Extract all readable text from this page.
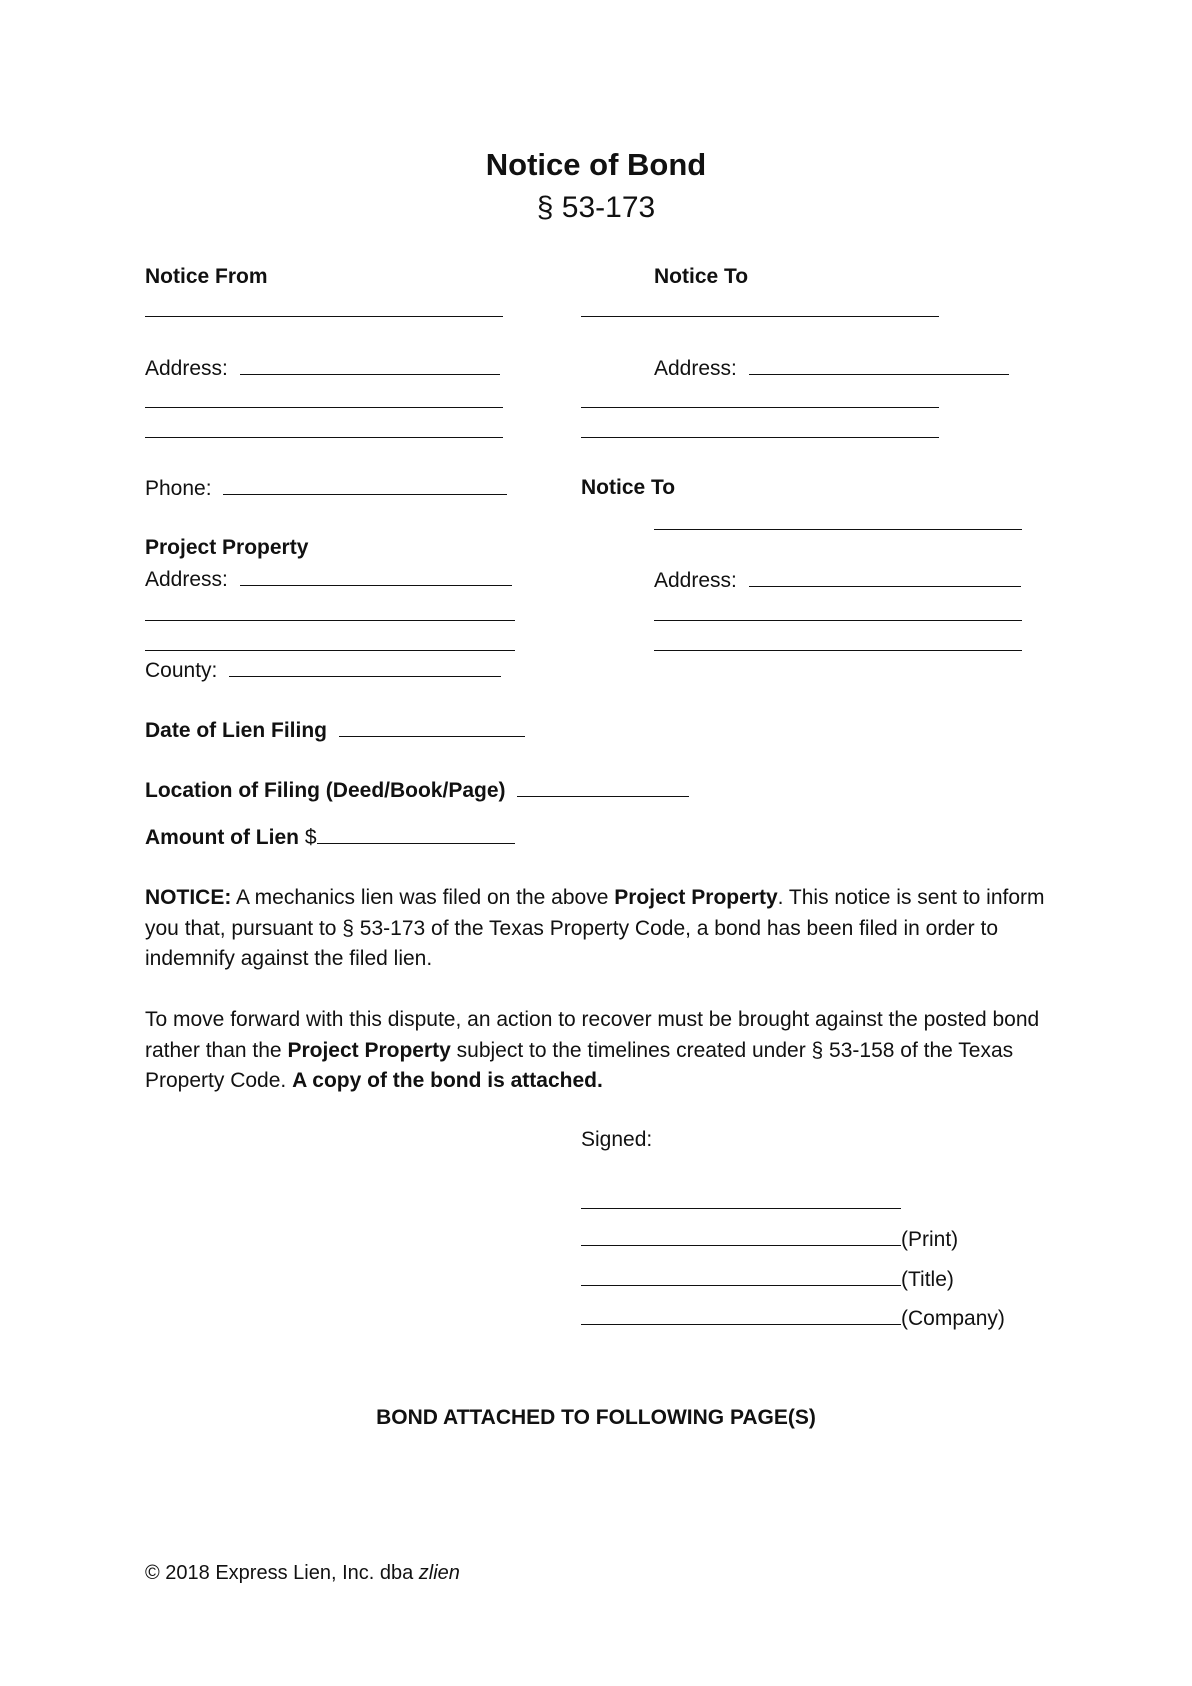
Notice of Bond
§ 53-173
Notice From
Address:
Phone:
Notice To
Address:
Notice To
Address:
Project Property
Address:
County:
Date of Lien Filing
Location of Filing (Deed/Book/Page)
Amount of Lien $
NOTICE: A mechanics lien was filed on the above Project Property. This notice is sent to inform you that, pursuant to § 53-173 of the Texas Property Code, a bond has been filed in order to indemnify against the filed lien.
To move forward with this dispute, an action to recover must be brought against the posted bond rather than the Project Property subject to the timelines created under § 53-158 of the Texas Property Code. A copy of the bond is attached.
Signed:
(Print)
(Title)
(Company)
BOND ATTACHED TO FOLLOWING PAGE(S)
© 2018 Express Lien, Inc. dba zlien
